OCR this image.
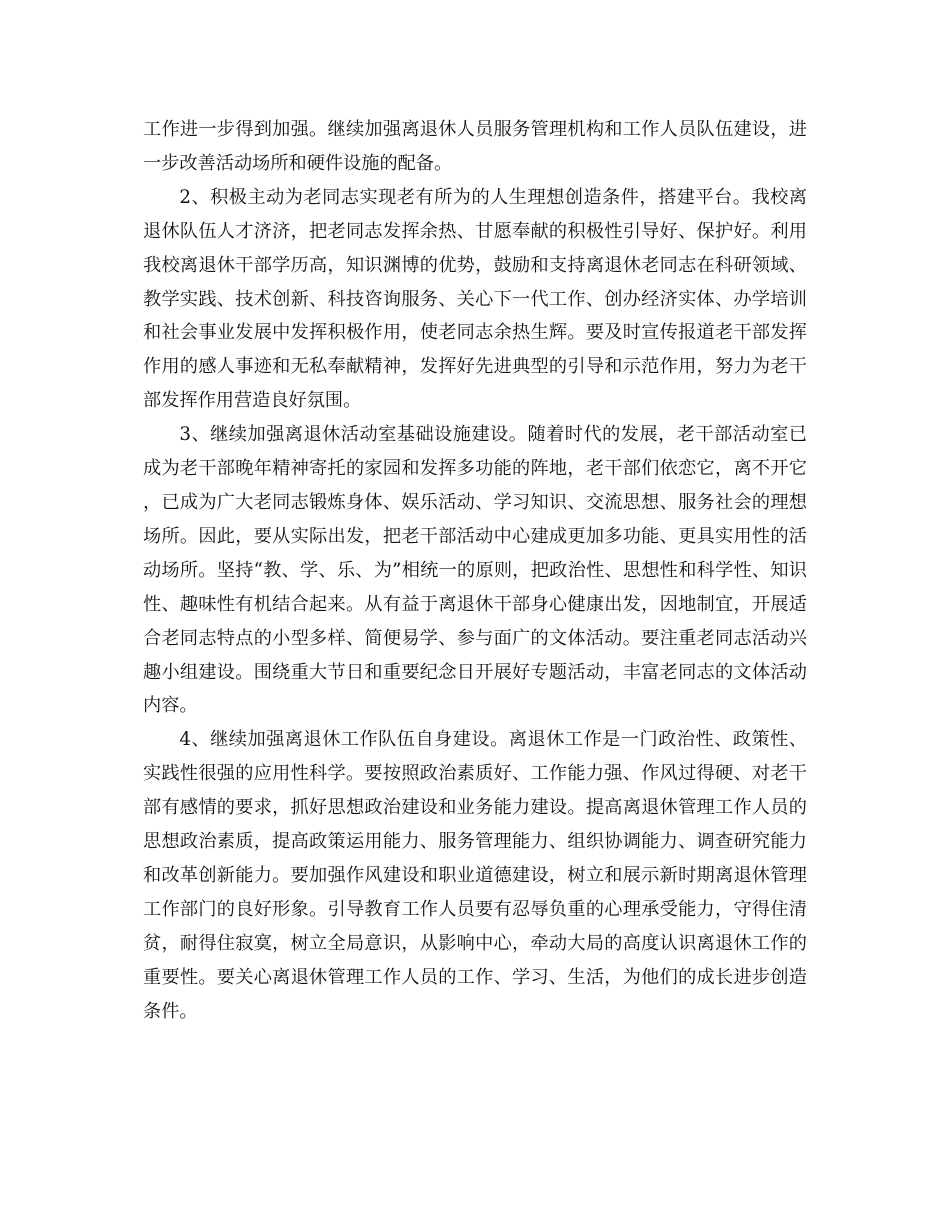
工作进一步得到加强。继续加强离退休人员服务管理机构和工作人员队伍建设，进一步改善活动场所和硬件设施的配备。

2、积极主动为老同志实现老有所为的人生理想创造条件，搭建平台。我校离退休队伍人才济济，把老同志发挥余热、甘愿奉献的积极性引导好、保护好。利用我校离退休干部学历高，知识渊博的优势，鼓励和支持离退休老同志在科研领域、教学实践、技术创新、科技咨询服务、关心下一代工作、创办经济实体、办学培训和社会事业发展中发挥积极作用，使老同志余热生辉。要及时宣传报道老干部发挥作用的感人事迹和无私奉献精神，发挥好先进典型的引导和示范作用，努力为老干部发挥作用营造良好氛围。

3、继续加强离退休活动室基础设施建设。随着时代的发展，老干部活动室已成为老干部晚年精神寄托的家园和发挥多功能的阵地，老干部们依恋它，离不开它，已成为广大老同志锻炼身体、娱乐活动、学习知识、交流思想、服务社会的理想场所。因此，要从实际出发，把老干部活动中心建成更加多功能、更具实用性的活动场所。坚持“教、学、乐、为”相统一的原则，把政治性、思想性和科学性、知识性、趣味性有机结合起来。从有益于离退休干部身心健康出发，因地制宜，开展适合老同志特点的小型多样、简便易学、参与面广的文体活动。要注重老同志活动兴趣小组建设。围绕重大节日和重要纪念日开展好专题活动，丰富老同志的文体活动内容。

4、继续加强离退休工作队伍自身建设。离退休工作是一门政治性、政策性、实践性很强的应用性科学。要按照政治素质好、工作能力强、作风过得硬、对老干部有感情的要求，抓好思想政治建设和业务能力建设。提高离退休管理工作人员的思想政治素质，提高政策运用能力、服务管理能力、组织协调能力、调查研究能力和改革创新能力。要加强作风建设和职业道德建设，树立和展示新时期离退休管理工作部门的良好形象。引导教育工作人员要有忍辱负重的心理承受能力，守得住清贫，耐得住寂寞，树立全局意识，从影响中心，牵动大局的高度认识离退休工作的重要性。要关心离退休管理工作人员的工作、学习、生活，为他们的成长进步创造条件。
